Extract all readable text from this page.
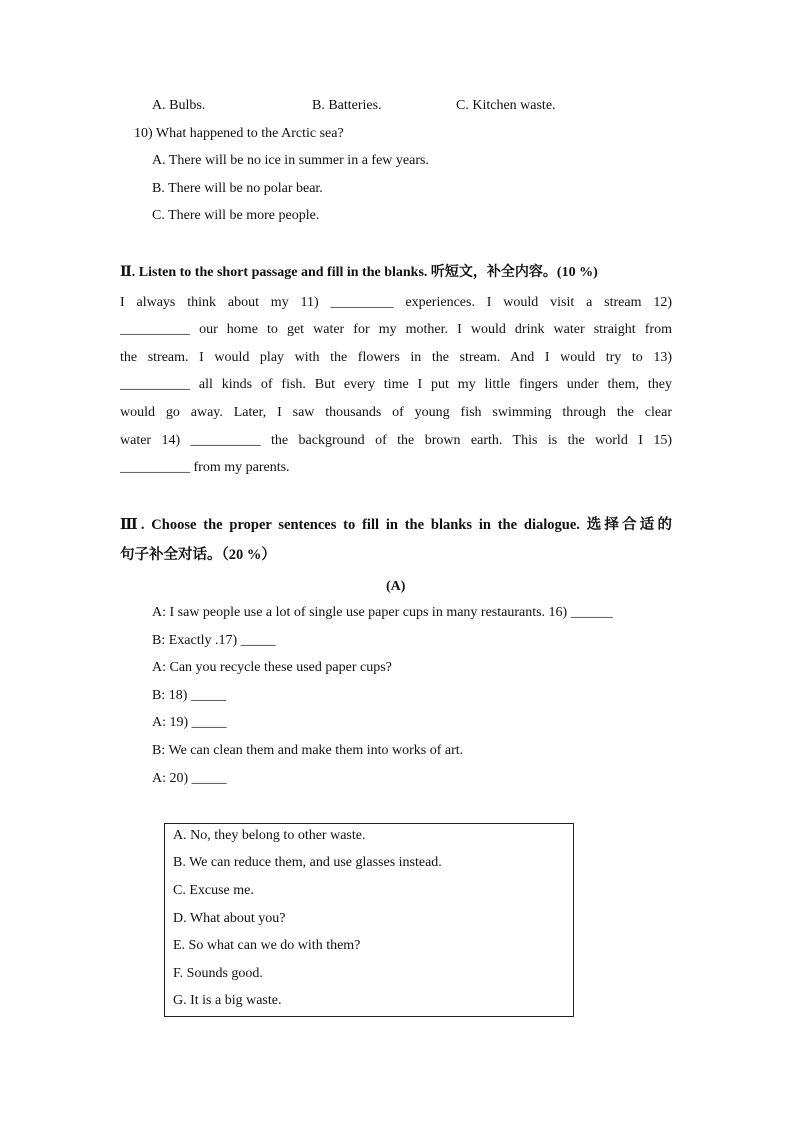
A. Bulbs.	B. Batteries.	C. Kitchen waste.
10) What happened to the Arctic sea?
A. There will be no ice in summer in a few years.
B. There will be no polar bear.
C. There will be more people.
Ⅱ. Listen to the short passage and fill in the blanks. 听短文，补全内容。(10 %)
I always think about my 11) _________ experiences. I would visit a stream 12)
__________ our home to get water for my mother. I would drink water straight from
the stream. I would play with the flowers in the stream. And I would try to 13)
__________ all kinds of fish. But every time I put my little fingers under them, they
would go away. Later, I saw thousands of young fish swimming through the clear
water 14) __________ the background of the brown earth. This is the world I 15)
__________ from my parents.
Ⅲ. Choose the proper sentences to fill in the blanks in the dialogue. 选择合适的
句子补全对话。（20 %）
(A)
A: I saw people use a lot of single use paper cups in many restaurants. 16) ______
B: Exactly .17) _____
A: Can you recycle these used paper cups?
B: 18) _____
A: 19) _____
B: We can clean them and make them into works of art.
A: 20) _____
A. No, they belong to other waste.
B. We can reduce them, and use glasses instead.
C. Excuse me.
D. What about you?
E. So what can we do with them?
F. Sounds good.
G. It is a big waste.
